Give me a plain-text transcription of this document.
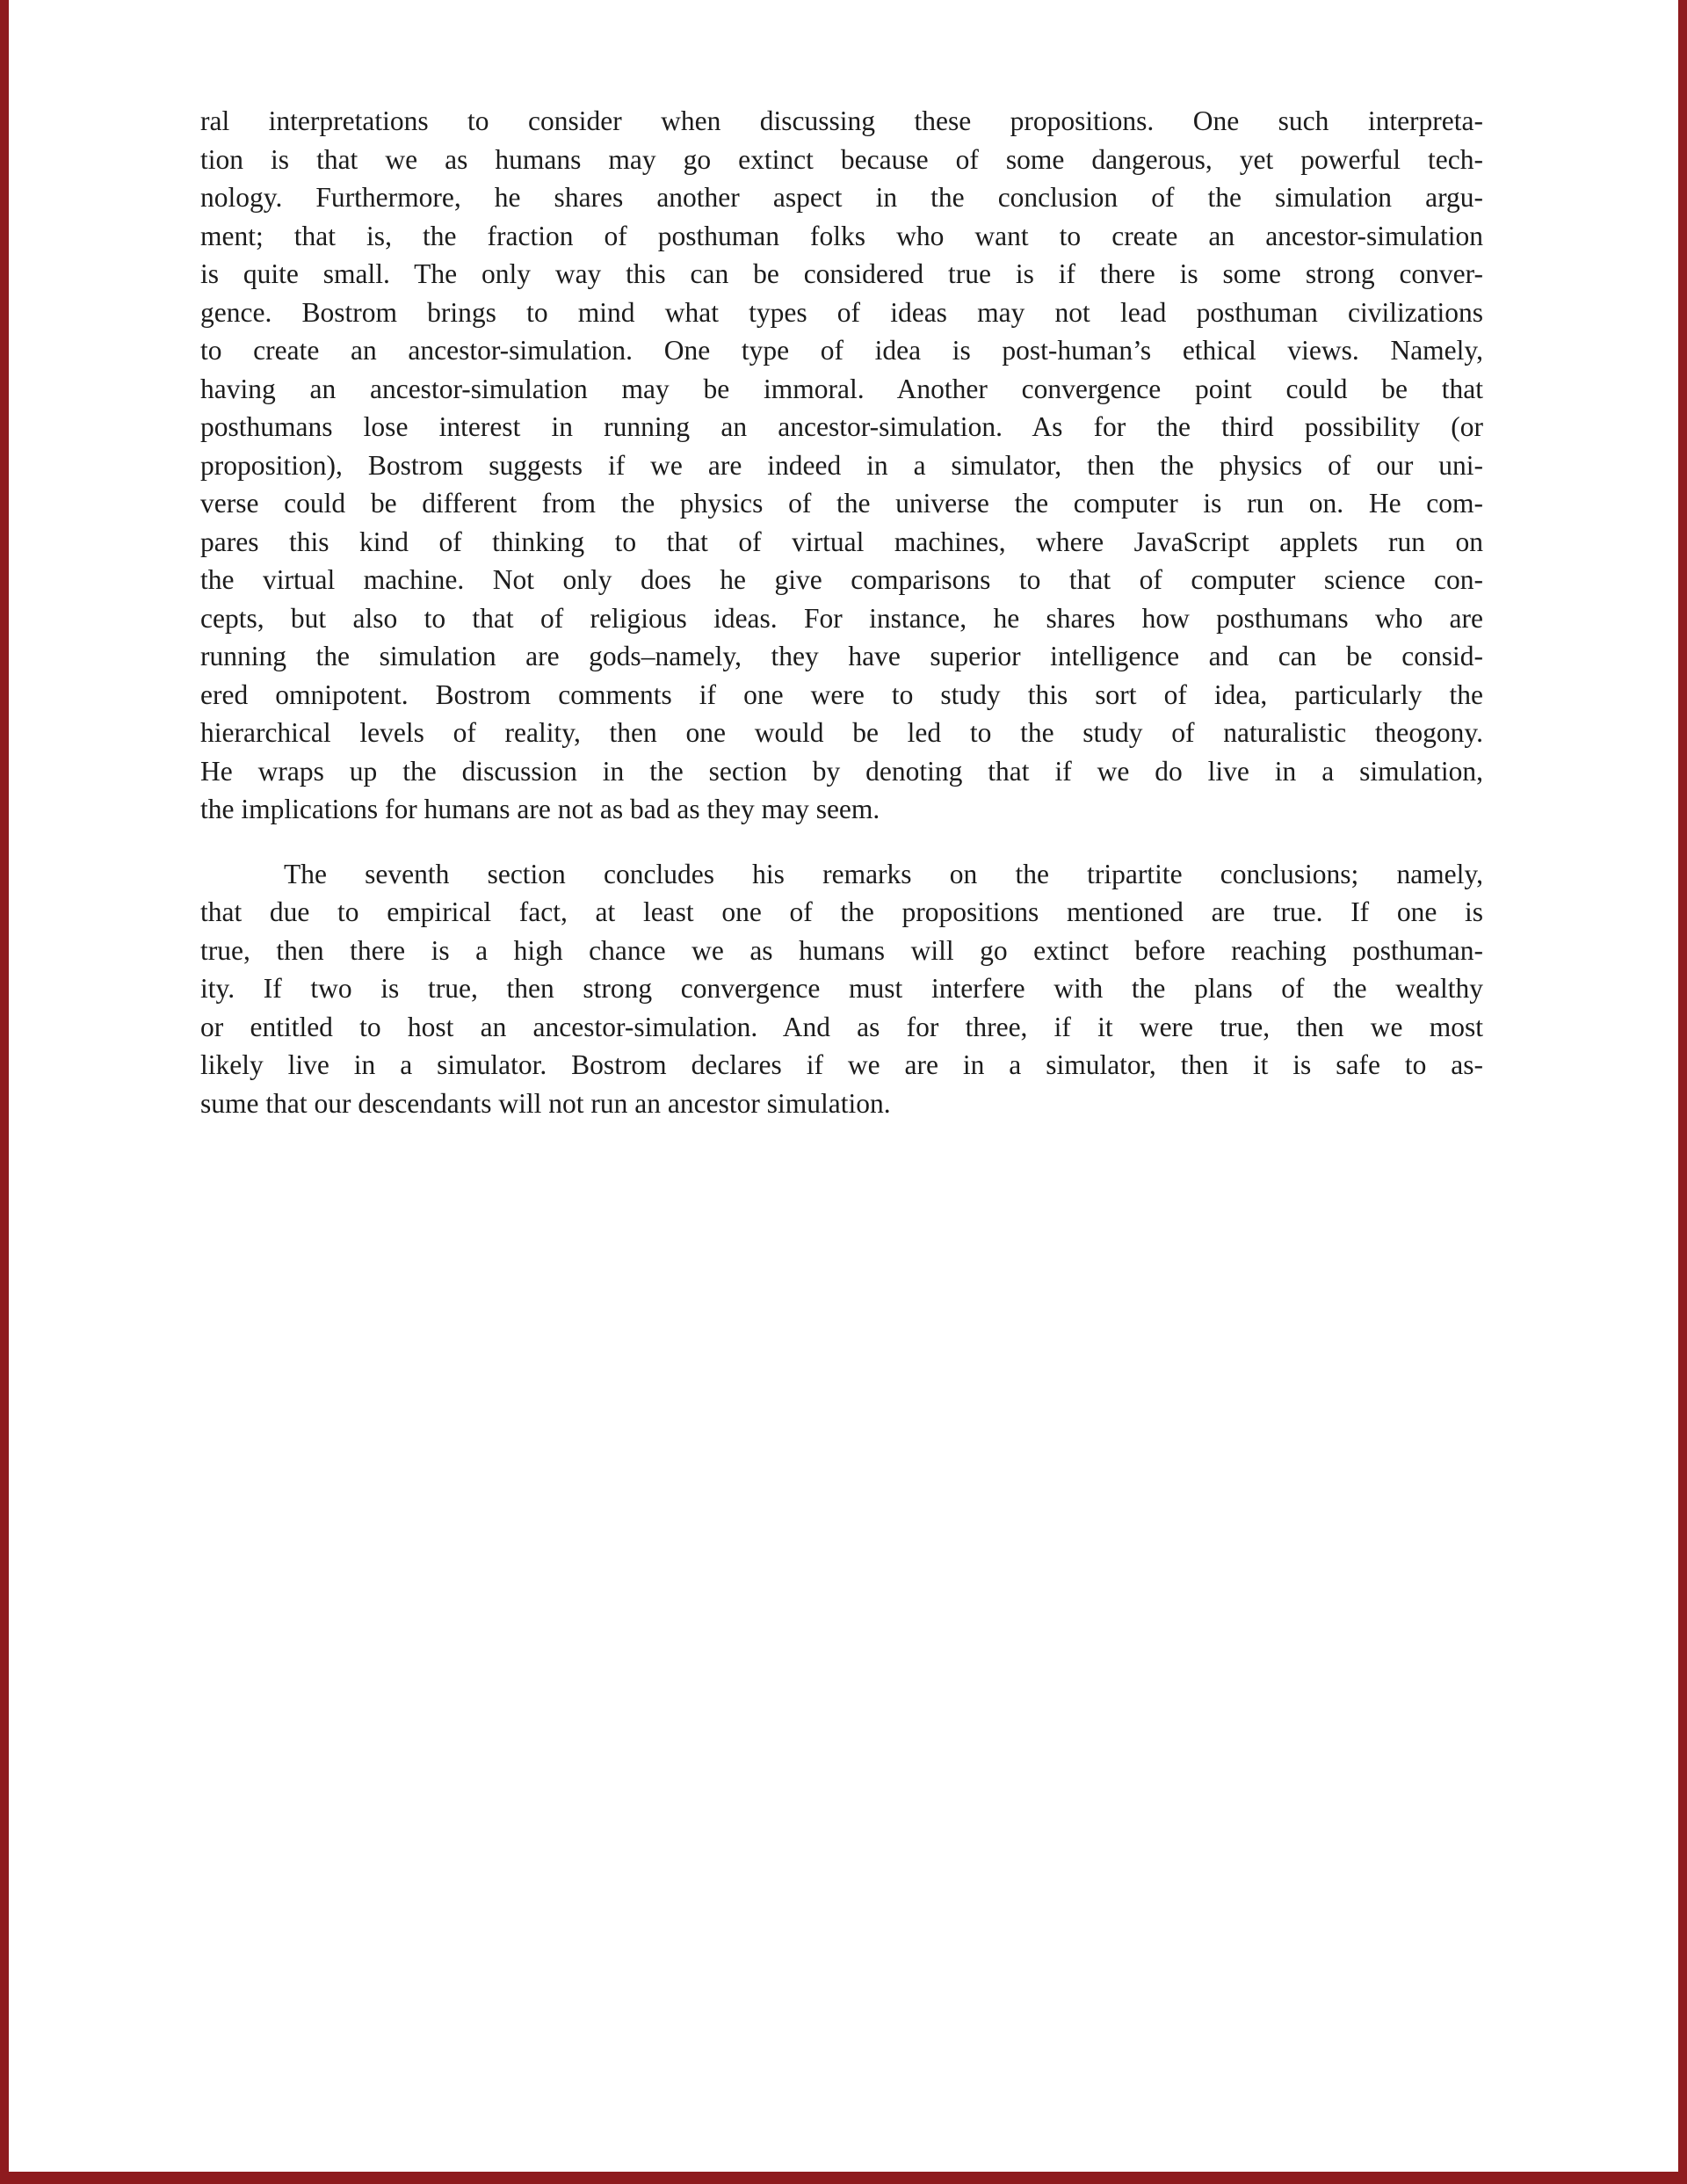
ral interpretations to consider when discussing these propositions. One such interpreta-
tion is that we as humans may go extinct because of some dangerous, yet powerful tech-
nology. Furthermore, he shares another aspect in the conclusion of the simulation argu-
ment; that is, the fraction of posthuman folks who want to create an ancestor-simulation
is quite small. The only way this can be considered true is if there is some strong conver-
gence. Bostrom brings to mind what types of ideas may not lead posthuman civilizations
to create an ancestor-simulation. One type of idea is post-human’s ethical views. Namely,
having an ancestor-simulation may be immoral. Another convergence point could be that
posthumans lose interest in running an ancestor-simulation. As for the third possibility (or
proposition), Bostrom suggests if we are indeed in a simulator, then the physics of our uni-
verse could be different from the physics of the universe the computer is run on. He com-
pares this kind of thinking to that of virtual machines, where JavaScript applets run on
the virtual machine. Not only does he give comparisons to that of computer science con-
cepts, but also to that of religious ideas. For instance, he shares how posthumans who are
running the simulation are gods–namely, they have superior intelligence and can be consid-
ered omnipotent. Bostrom comments if one were to study this sort of idea, particularly the
hierarchical levels of reality, then one would be led to the study of naturalistic theogony.
He wraps up the discussion in the section by denoting that if we do live in a simulation,
the implications for humans are not as bad as they may seem.
The seventh section concludes his remarks on the tripartite conclusions; namely,
that due to empirical fact, at least one of the propositions mentioned are true. If one is
true, then there is a high chance we as humans will go extinct before reaching posthuman-
ity. If two is true, then strong convergence must interfere with the plans of the wealthy
or entitled to host an ancestor-simulation. And as for three, if it were true, then we most
likely live in a simulator. Bostrom declares if we are in a simulator, then it is safe to as-
sume that our descendants will not run an ancestor simulation.
